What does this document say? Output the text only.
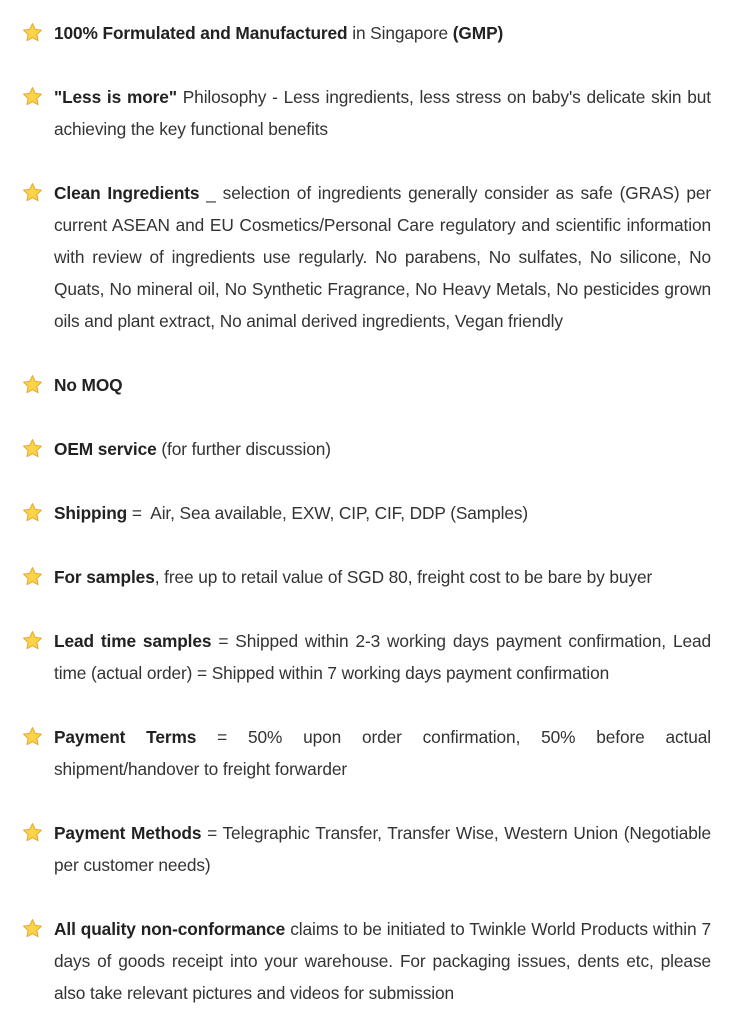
100% Formulated and Manufactured in Singapore (GMP)
"Less is more" Philosophy - Less ingredients, less stress on baby's delicate skin but achieving the key functional benefits
Clean Ingredients _ selection of ingredients generally consider as safe (GRAS) per current ASEAN and EU Cosmetics/Personal Care regulatory and scientific information with review of ingredients use regularly. No parabens, No sulfates, No silicone, No Quats, No mineral oil, No Synthetic Fragrance, No Heavy Metals, No pesticides grown oils and plant extract, No animal derived ingredients, Vegan friendly
No MOQ
OEM service (for further discussion)
Shipping =  Air, Sea available, EXW, CIP, CIF, DDP (Samples)
For samples, free up to retail value of SGD 80, freight cost to be bare by buyer
Lead time samples = Shipped within 2-3 working days payment confirmation, Lead time (actual order) = Shipped within 7 working days payment confirmation
Payment Terms = 50% upon order confirmation, 50% before actual shipment/handover to freight forwarder
Payment Methods = Telegraphic Transfer, Transfer Wise, Western Union (Negotiable per customer needs)
All quality non-conformance claims to be initiated to Twinkle World Products within 7 days of goods receipt into your warehouse. For packaging issues, dents etc, please also take relevant pictures and videos for submission
